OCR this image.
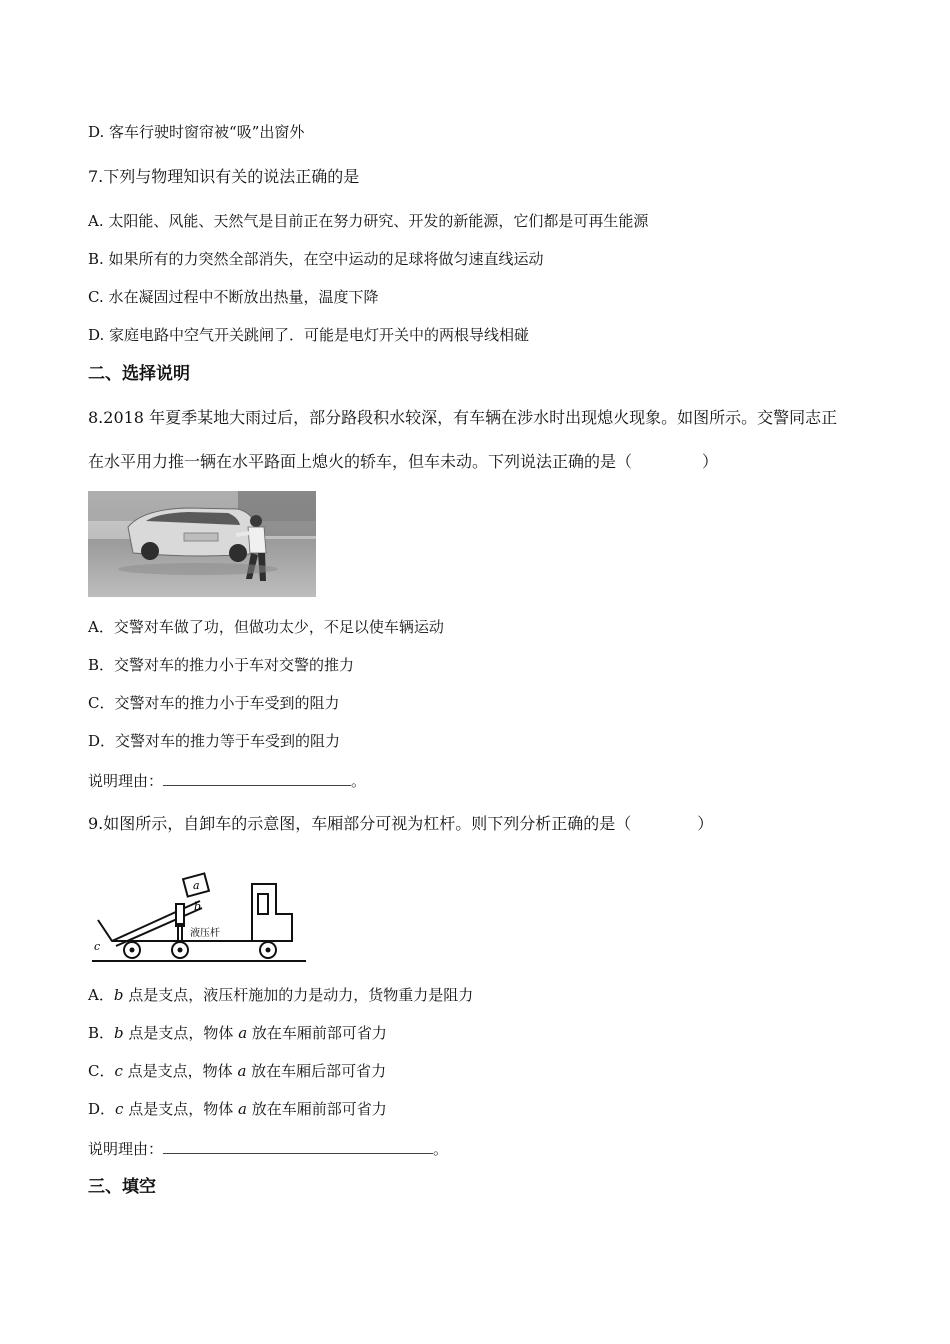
D. 客车行驶时窗帘被“吸”出窗外
7.下列与物理知识有关的说法正确的是
A. 太阳能、风能、天然气是目前正在努力研究、开发的新能源，它们都是可再生能源
B. 如果所有的力突然全部消失，在空中运动的足球将做匀速直线运动
C. 水在凝固过程中不断放出热量，温度下降
D. 家庭电路中空气开关跳闸了．可能是电灯开关中的两根导线相碰
二、选择说明
8.2018 年夏季某地大雨过后，部分路段积水较深，有车辆在涉水时出现熄火现象。如图所示。交警同志正
在水平用力推一辆在水平路面上熄火的轿车，但车未动。下列说法正确的是（	）
A．交警对车做了功，但做功太少，不足以使车辆运动
B．交警对车的推力小于车对交警的推力
C．交警对车的推力小于车受到的阻力
D．交警对车的推力等于车受到的阻力
说明理由：	。
9.如图所示，自卸车的示意图，车厢部分可视为杠杆。则下列分析正确的是（	）
a
b
c
液压杆
A．b 点是支点，液压杆施加的力是动力，货物重力是阻力
B．b 点是支点，物体 a 放在车厢前部可省力
C．c 点是支点，物体 a 放在车厢后部可省力
D．c 点是支点，物体 a 放在车厢前部可省力
说明理由：	。
三、填空
